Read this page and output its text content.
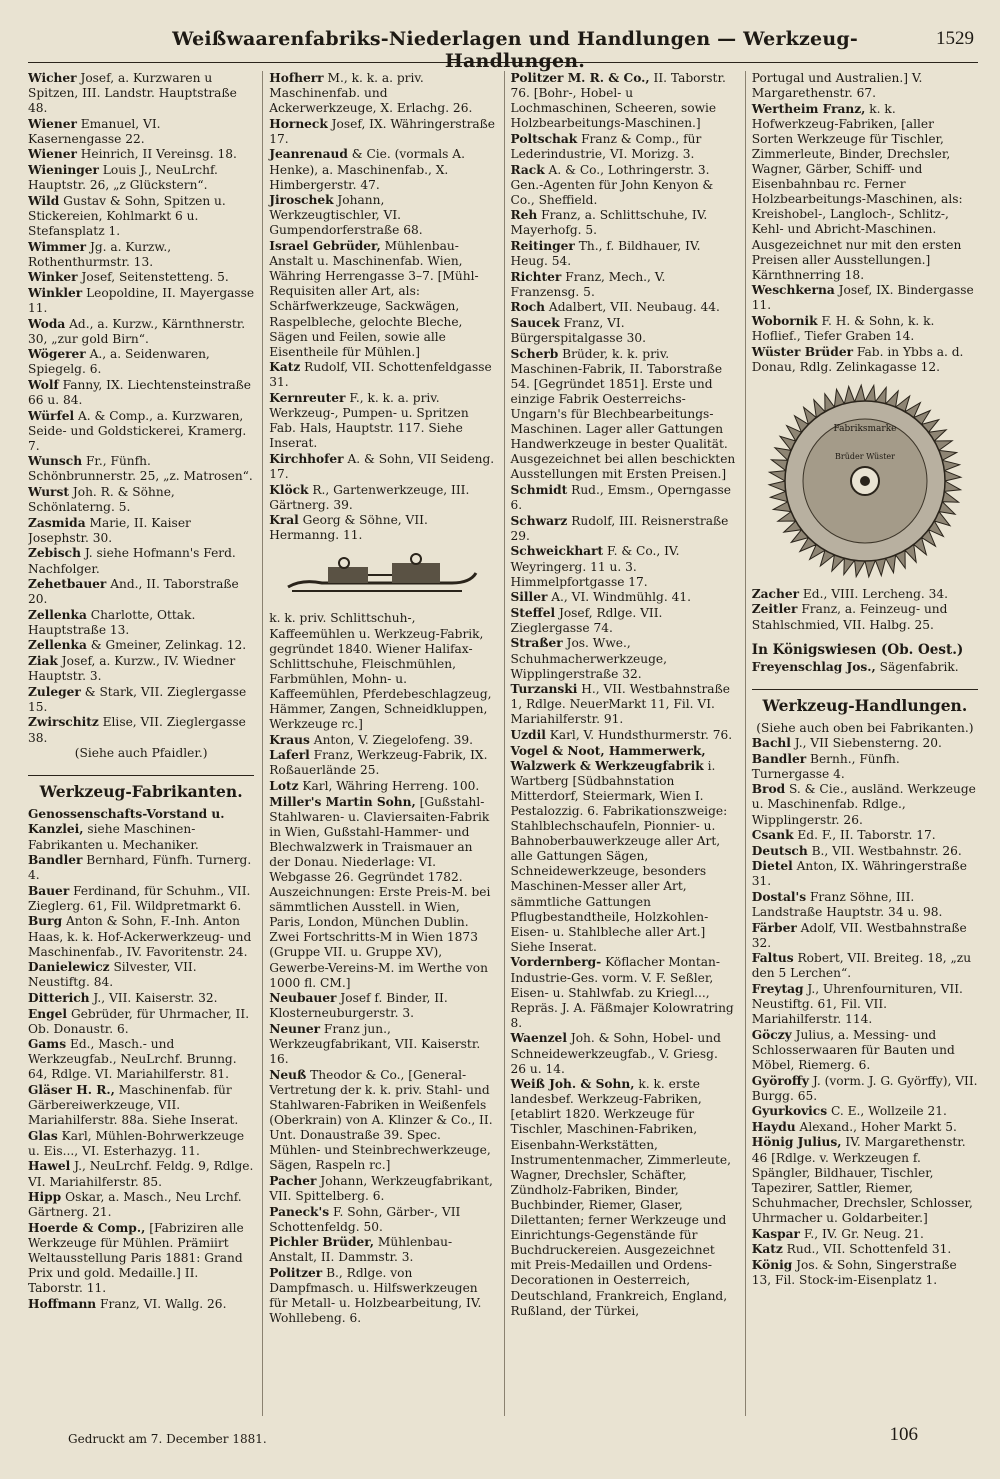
Weißwaarenfabriks-Niederlagen und Handlungen — Werkzeug-Handlungen.
1529
Wicher Josef, a. Kurzwaren u Spitzen, III. Landstr. Hauptstraße 48.
Wiener Emanuel, VI. Kasernengasse 22.
Wiener Heinrich, II Vereinsg. 18.
Wieninger Louis J., NeuLrchf. Hauptstr. 26, „z Glückstern“.
Wild Gustav & Sohn, Spitzen u. Stickereien, Kohlmarkt 6 u. Stefansplatz 1.
Wimmer Jg. a. Kurzw., Rothenthurmstr. 13.
Winker Josef, Seitenstetteng. 5.
Winkler Leopoldine, II. Mayergasse 11.
Woda Ad., a. Kurzw., Kärnthnerstr. 30, „zur gold Birn“.
Wögerer A., a. Seidenwaren, Spiegelg. 6.
Wolf Fanny, IX. Liechtensteinstraße 66 u. 84.
Würfel A. & Comp., a. Kurzwaren, Seide- und Goldstickerei, Kramerg. 7.
Wunsch Fr., Fünfh. Schönbrunnerstr. 25, „z. Matrosen“.
Wurst Joh. R. & Söhne, Schönlaterng. 5.
Zasmida Marie, II. Kaiser Josephstr. 30.
Zebisch J. siehe Hofmann's Ferd. Nachfolger.
Zehetbauer And., II. Taborstraße 20.
Zellenka Charlotte, Ottak. Hauptstraße 13.
Zellenka & Gmeiner, Zelinkag. 12.
Ziak Josef, a. Kurzw., IV. Wiedner Hauptstr. 3.
Zuleger & Stark, VII. Zieglergasse 15.
Zwirschitz Elise, VII. Zieglergasse 38.
(Siehe auch Pfaidler.)
Werkzeug-Fabrikanten.
Genossenschafts-Vorstand u. Kanzlei, siehe Maschinen-Fabrikanten u. Mechaniker.
Bandler Bernhard, Fünfh. Turnerg. 4.
Bauer Ferdinand, für Schuhm., VII. Zieglerg. 61, Fil. Wildpretmarkt 6.
Burg Anton & Sohn, F.-Inh. Anton Haas, k. k. Hof-Ackerwerkzeug- und Maschinenfab., IV. Favoritenstr. 24.
Danielewicz Silvester, VII. Neustiftg. 84.
Ditterich J., VII. Kaiserstr. 32.
Engel Gebrüder, für Uhrmacher, II. Ob. Donaustr. 6.
Gams Ed., Masch.- und Werkzeugfab., NeuLrchf. Brunng. 64, Rdlge. VI. Mariahilferstr. 81.
Gläser H. R., Maschinenfab. für Gärbereiwerkzeuge, VII. Mariahilferstr. 88a. Siehe Inserat.
Glas Karl, Mühlen-Bohrwerkzeuge u. Eis..., VI. Esterhazyg. 11.
Hawel J., NeuLrchf. Feldg. 9, Rdlge. VI. Mariahilferstr. 85.
Hipp Oskar, a. Masch., Neu Lrchf. Gärtnerg. 21.
Hoerde & Comp., [Fabriziren alle Werkzeuge für Mühlen. Prämiirt Weltausstellung Paris 1881: Grand Prix und gold. Medaille.] II. Taborstr. 11.
Hoffmann Franz, VI. Wallg. 26.
Hofherr M., k. k. a. priv. Maschinenfab. und Ackerwerkzeuge, X. Erlachg. 26.
Horneck Josef, IX. Währingerstraße 17.
Jeanrenaud & Cie. (vormals A. Henke), a. Maschinenfab., X. Himbergerstr. 47.
Jiroschek Johann, Werkzeugtischler, VI. Gumpendorferstraße 68.
Israel Gebrüder, Mühlenbau-Anstalt u. Maschinenfab. Wien, Währing Herrengasse 3–7. [Mühl-Requisiten aller Art, als: Schärfwerkzeuge, Sackwägen, Raspelbleche, gelochte Bleche, Sägen und Feilen, sowie alle Eisentheile für Mühlen.]
Katz Rudolf, VII. Schottenfeldgasse 31.
Kernreuter F., k. k. a. priv. Werkzeug-, Pumpen- u. Spritzen Fab. Hals, Hauptstr. 117. Siehe Inserat.
Kirchhofer A. & Sohn, VII Seideng. 17.
Klöck R., Gartenwerkzeuge, III. Gärtnerg. 39.
Kral Georg & Söhne, VII. Hermanng. 11.
k. k. priv. Schlittschuh-, Kaffeemühlen u. Werkzeug-Fabrik, gegründet 1840. Wiener Halifax-Schlittschuhe, Fleischmühlen, Farbmühlen, Mohn- u. Kaffeemühlen, Pferdebeschlagzeug, Hämmer, Zangen, Schneidkluppen, Werkzeuge rc.]
Kraus Anton, V. Ziegelofeng. 39.
Laferl Franz, Werkzeug-Fabrik, IX. Roßauerlände 25.
Lotz Karl, Währing Herreng. 100.
Miller's Martin Sohn, [Gußstahl-Stahlwaren- u. Claviersaiten-Fabrik in Wien, Gußstahl-Hammer- und Blechwalzwerk in Traismauer an der Donau. Niederlage: VI. Webgasse 26. Gegründet 1782. Auszeichnungen: Erste Preis-M. bei sämmtlichen Ausstell. in Wien, Paris, London, München Dublin. Zwei Fortschritts-M in Wien 1873 (Gruppe VII. u. Gruppe XV), Gewerbe-Vereins-M. im Werthe von 1000 fl. CM.]
Neubauer Josef f. Binder, II. Klosterneuburgerstr. 3.
Neuner Franz jun., Werkzeugfabrikant, VII. Kaiserstr. 16.
Neuß Theodor & Co., [General-Vertretung der k. k. priv. Stahl- und Stahlwaren-Fabriken in Weißenfels (Oberkrain) von A. Klinzer & Co., II. Unt. Donaustraße 39. Spec. Mühlen- und Steinbrechwerkzeuge, Sägen, Raspeln rc.]
Pacher Johann, Werkzeugfabrikant, VII. Spittelberg. 6.
Paneck's F. Sohn, Gärber-, VII Schottenfeldg. 50.
Pichler Brüder, Mühlenbau-Anstalt, II. Dammstr. 3.
Politzer B., Rdlge. von Dampfmasch. u. Hilfswerkzeugen für Metall- u. Holzbearbeitung, IV. Wohllebeng. 6.
Politzer M. R. & Co., II. Taborstr. 76. [Bohr-, Hobel- u Lochmaschinen, Scheeren, sowie Holzbearbeitungs-Maschinen.]
Poltschak Franz & Comp., für Lederindustrie, VI. Morizg. 3.
Rack A. & Co., Lothringerstr. 3. Gen.-Agenten für John Kenyon & Co., Sheffield.
Reh Franz, a. Schlittschuhe, IV. Mayerhofg. 5.
Reitinger Th., f. Bildhauer, IV. Heug. 54.
Richter Franz, Mech., V. Franzensg. 5.
Roch Adalbert, VII. Neubaug. 44.
Saucek Franz, VI. Bürgerspitalgasse 30.
Scherb Brüder, k. k. priv. Maschinen-Fabrik, II. Taborstraße 54. [Gegründet 1851]. Erste und einzige Fabrik Oesterreichs-Ungarn's für Blechbearbeitungs-Maschinen. Lager aller Gattungen Handwerkzeuge in bester Qualität. Ausgezeichnet bei allen beschickten Ausstellungen mit Ersten Preisen.]
Schmidt Rud., Emsm., Operngasse 6.
Schwarz Rudolf, III. Reisnerstraße 29.
Schweickhart F. & Co., IV. Weyringerg. 11 u. 3. Himmelpfortgasse 17.
Siller A., VI. Windmühlg. 41.
Steffel Josef, Rdlge. VII. Zieglergasse 74.
Straßer Jos. Wwe., Schuhmacherwerkzeuge, Wipplingerstraße 32.
Turzanski H., VII. Westbahnstraße 1, Rdlge. NeuerMarkt 11, Fil. VI. Mariahilferstr. 91.
Uzdil Karl, V. Hundsthurmerstr. 76.
Vogel & Noot, Hammerwerk, Walzwerk & Werkzeugfabrik i. Wartberg [Südbahnstation Mitterdorf, Steiermark, Wien I. Pestalozzig. 6. Fabrikationszweige: Stahlblechschaufeln, Pionnier- u. Bahnoberbauwerkzeuge aller Art, alle Gattungen Sägen, Schneidewerkzeuge, besonders Maschinen-Messer aller Art, sämmtliche Gattungen Pflugbestandtheile, Holzkohlen-Eisen- u. Stahlbleche aller Art.] Siehe Inserat.
Vordernberg- Köflacher Montan-Industrie-Ges. vorm. V. F. Seßler, Eisen- u. Stahlwfab. zu Kriegl..., Repräs. J. A. Fäßmajer Kolowratring 8.
Waenzel Joh. & Sohn, Hobel- und Schneidewerkzeugfab., V. Griesg. 26 u. 14.
Weiß Joh. & Sohn, k. k. erste landesbef. Werkzeug-Fabriken, [etablirt 1820. Werkzeuge für Tischler, Maschinen-Fabriken, Eisenbahn-Werkstätten, Instrumentenmacher, Zimmerleute, Wagner, Drechsler, Schäfter, Zündholz-Fabriken, Binder, Buchbinder, Riemer, Glaser, Dilettanten; ferner Werkzeuge und Einrichtungs-Gegenstände für Buchdruckereien. Ausgezeichnet mit Preis-Medaillen und Ordens-Decorationen in Oesterreich, Deutschland, Frankreich, England, Rußland, der Türkei,
Portugal und Australien.] V. Margarethenstr. 67.
Wertheim Franz, k. k. Hofwerkzeug-Fabriken, [aller Sorten Werkzeuge für Tischler, Zimmerleute, Binder, Drechsler, Wagner, Gärber, Schiff- und Eisenbahnbau rc. Ferner Holzbearbeitungs-Maschinen, als: Kreishobel-, Langloch-, Schlitz-, Kehl- und Abricht-Maschinen. Ausgezeichnet nur mit den ersten Preisen aller Ausstellungen.] Kärnthnerring 18.
Weschkerna Josef, IX. Bindergasse 11.
Wobornik F. H. & Sohn, k. k. Hoflief., Tiefer Graben 14.
Wüster Brüder Fab. in Ybbs a. d. Donau, Rdlg. Zelinkagasse 12.
Fabriksmarke
Brüder Wüster
Zacher Ed., VIII. Lercheng. 34.
Zeitler Franz, a. Feinzeug- und Stahlschmied, VII. Halbg. 25.
In Königswiesen (Ob. Oest.)
Freyenschlag Jos., Sägenfabrik.
Werkzeug-Handlungen.
(Siehe auch oben bei Fabrikanten.)
Bachl J., VII Siebensterng. 20.
Bandler Bernh., Fünfh. Turnergasse 4.
Brod S. & Cie., ausländ. Werkzeuge u. Maschinenfab. Rdlge., Wipplingerstr. 26.
Csank Ed. F., II. Taborstr. 17.
Deutsch B., VII. Westbahnstr. 26.
Dietel Anton, IX. Währingerstraße 31.
Dostal's Franz Söhne, III. Landstraße Hauptstr. 34 u. 98.
Färber Adolf, VII. Westbahnstraße 32.
Faltus Robert, VII. Breiteg. 18, „zu den 5 Lerchen“.
Freytag J., Uhrenfournituren, VII. Neustiftg. 61, Fil. VII. Mariahilferstr. 114.
Göczy Julius, a. Messing- und Schlosserwaaren für Bauten und Möbel, Riemerg. 6.
Györoffy J. (vorm. J. G. Györffy), VII. Burgg. 65.
Gyurkovics C. E., Wollzeile 21.
Haydu Alexand., Hoher Markt 5.
Hönig Julius, IV. Margarethenstr. 46 [Rdlge. v. Werkzeugen f. Spängler, Bildhauer, Tischler, Tapezirer, Sattler, Riemer, Schuhmacher, Drechsler, Schlosser, Uhrmacher u. Goldarbeiter.]
Kaspar F., IV. Gr. Neug. 21.
Katz Rud., VII. Schottenfeld 31.
König Jos. & Sohn, Singerstraße 13, Fil. Stock-im-Eisenplatz 1.
Gedruckt am 7. December 1881.	106
